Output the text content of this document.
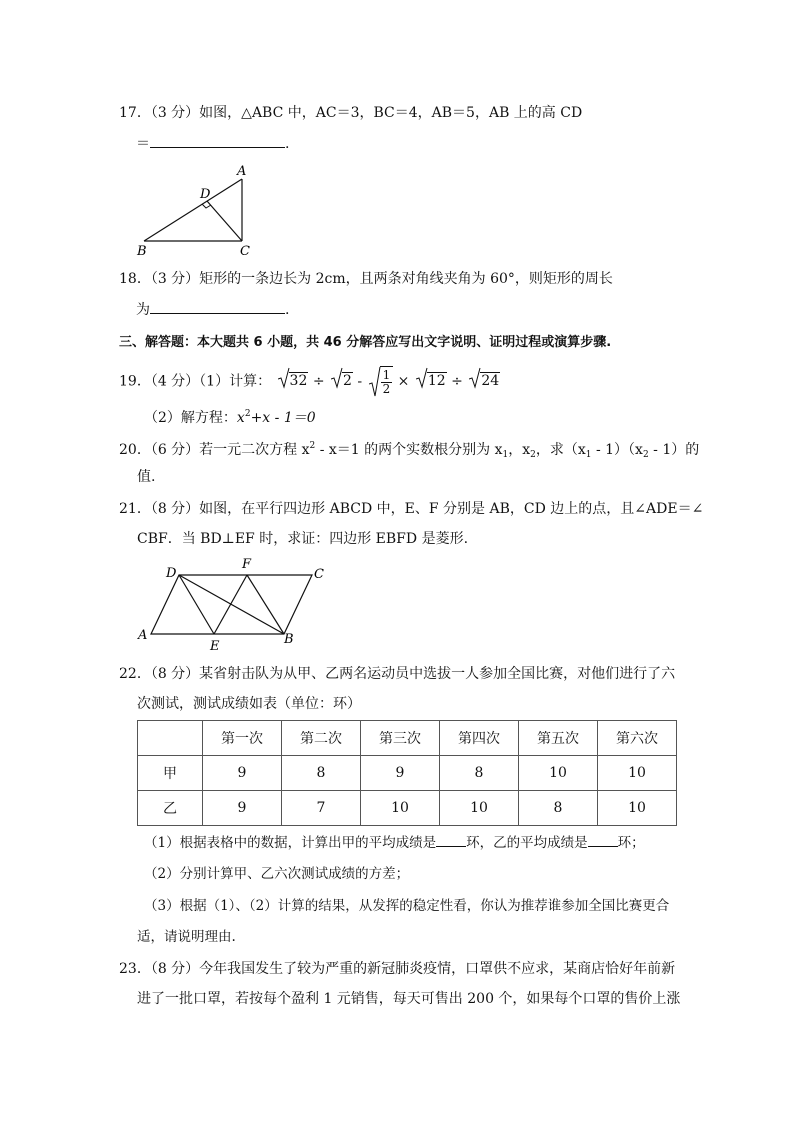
17．（3 分）如图，△ABC 中，AC＝3，BC＝4，AB＝5，AB 上的高 CD
＝	.
A
B	C
D
18．（3 分）矩形的一条边长为 2cm，且两条对角线夹角为 60°，则矩形的周长
为	.
三、解答题：本大题共 6 小题，共 46 分解答应写出文字说明、证明过程或演算步骤.
19．（4 分）（1）计算： $32 \div 2 - \frac{1}{2} \times 12 \div 24$
（2）解方程：$x^2+x - 1=0$
20．（6 分）若一元二次方程 $x^2 - x=1$ 的两个实数根分别为 $x_1$，$x_2$，求$(x_1 - 1)(x_2 - 1)$的
值.
21．（8 分）如图，在平行四边形 ABCD 中，E、F 分别是 AB，CD 边上的点，且∠ADE＝∠
CBF．当 BD⊥EF 时，求证：四边形 EBFD 是菱形.
A	B
C
D
E
F
22．（8 分）某省射击队为从甲、乙两名运动员中选拔一人参加全国比赛，对他们进行了六
次测试，测试成绩如表（单位：环）
	第一次	第二次	第三次	第四次	第五次	第六次
甲	9	8	9	8	10	10
乙	9	7	10	10	8	10
（1）根据表格中的数据，计算出甲的平均成绩是 环，乙的平均成绩是 环；
（2）分别计算甲、乙六次测试成绩的方差；
（3）根据（1）、（2）计算的结果，从发挥的稳定性看，你认为推荐谁参加全国比赛更合
适，请说明理由.
23．（8 分）今年我国发生了较为严重的新冠肺炎疫情，口罩供不应求，某商店恰好年前新
进了一批口罩，若按每个盈利 1 元销售，每天可售出 200 个，如果每个口罩的售价上涨
